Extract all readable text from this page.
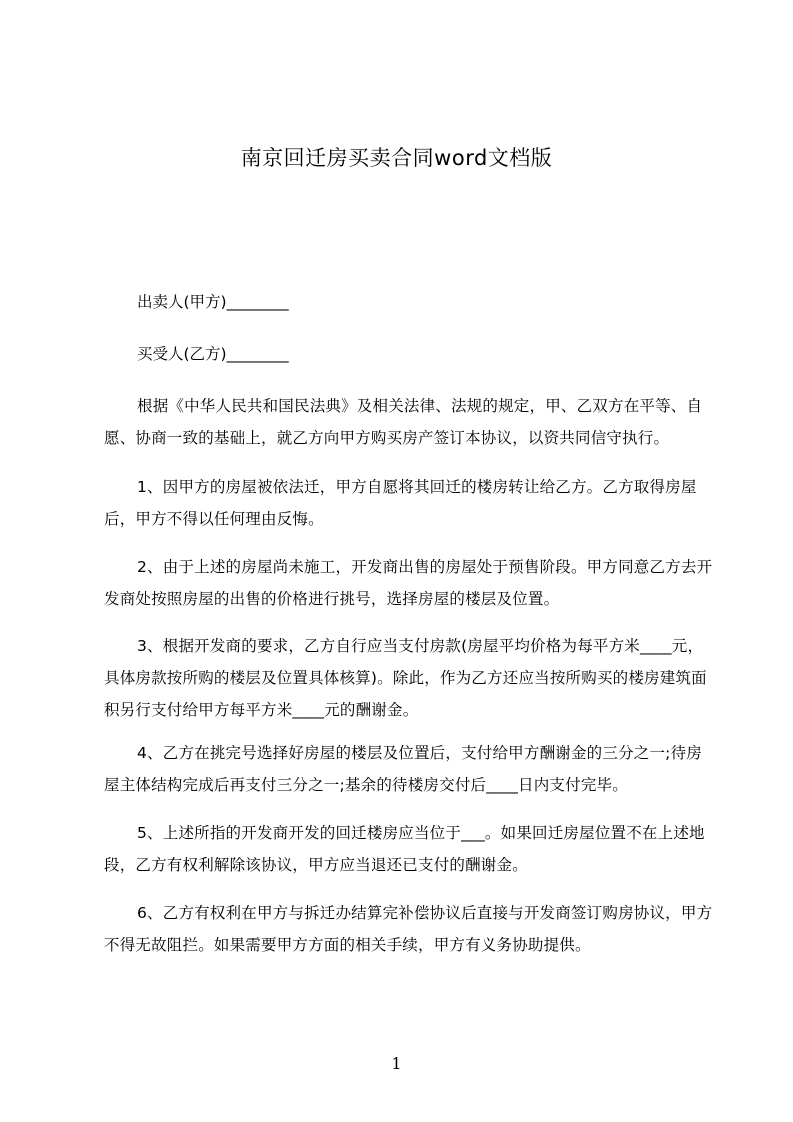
南京回迁房买卖合同word文档版

出卖人(甲方)________

买受人(乙方)________

根据《中华人民共和国民法典》及相关法律、法规的规定，甲、乙双方在平等、自愿、协商一致的基础上，就乙方向甲方购买房产签订本协议，以资共同信守执行。

1、因甲方的房屋被依法迁，甲方自愿将其回迁的楼房转让给乙方。乙方取得房屋后，甲方不得以任何理由反悔。

2、由于上述的房屋尚未施工，开发商出售的房屋处于预售阶段。甲方同意乙方去开发商处按照房屋的出售的价格进行挑号，选择房屋的楼层及位置。

3、根据开发商的要求，乙方自行应当支付房款(房屋平均价格为每平方米____元，具体房款按所购的楼层及位置具体核算)。除此，作为乙方还应当按所购买的楼房建筑面积另行支付给甲方每平方米____元的酬谢金。

4、乙方在挑完号选择好房屋的楼层及位置后，支付给甲方酬谢金的三分之一;待房屋主体结构完成后再支付三分之一;基余的待楼房交付后____日内支付完毕。

5、上述所指的开发商开发的回迁楼房应当位于___。如果回迁房屋位置不在上述地段，乙方有权利解除该协议，甲方应当退还已支付的酬谢金。

6、乙方有权利在甲方与拆迁办结算完补偿协议后直接与开发商签订购房协议，甲方不得无故阻拦。如果需要甲方方面的相关手续，甲方有义务协助提供。

1
